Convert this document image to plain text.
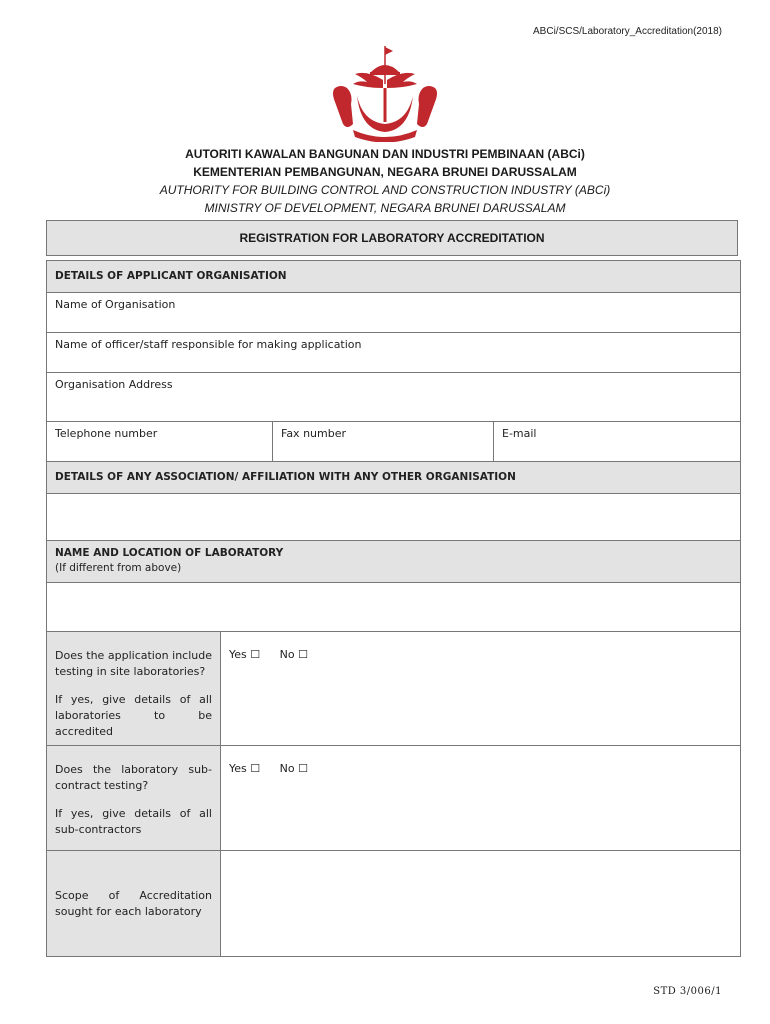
ABCi/SCS/Laboratory_Accreditation(2018)
AUTORITI KAWALAN BANGUNAN DAN INDUSTRI PEMBINAAN (ABCi)
KEMENTERIAN PEMBANGUNAN, NEGARA BRUNEI DARUSSALAM
AUTHORITY FOR BUILDING CONTROL AND CONSTRUCTION INDUSTRY (ABCi)
MINISTRY OF DEVELOPMENT, NEGARA BRUNEI DARUSSALAM
REGISTRATION FOR LABORATORY ACCREDITATION
DETAILS OF APPLICANT ORGANISATION			
Name of Organisation			
Name of officer/staff responsible for making application			
Organisation Address			
Telephone number		Fax number	E-mail
DETAILS OF ANY ASSOCIATION/ AFFILIATION WITH ANY OTHER ORGANISATION			

NAME AND LOCATION OF LABORATORY
(If different from above)			

Does the application include testing in site laboratories?
If yes, give details of all laboratories to be accredited	Yes ☐ No ☐		

Does the laboratory sub-contract testing?
If yes, give details of all sub-contractors	Yes ☐ No ☐		

Scope of Accreditation sought for each laboratory			

STD 3/006/1
